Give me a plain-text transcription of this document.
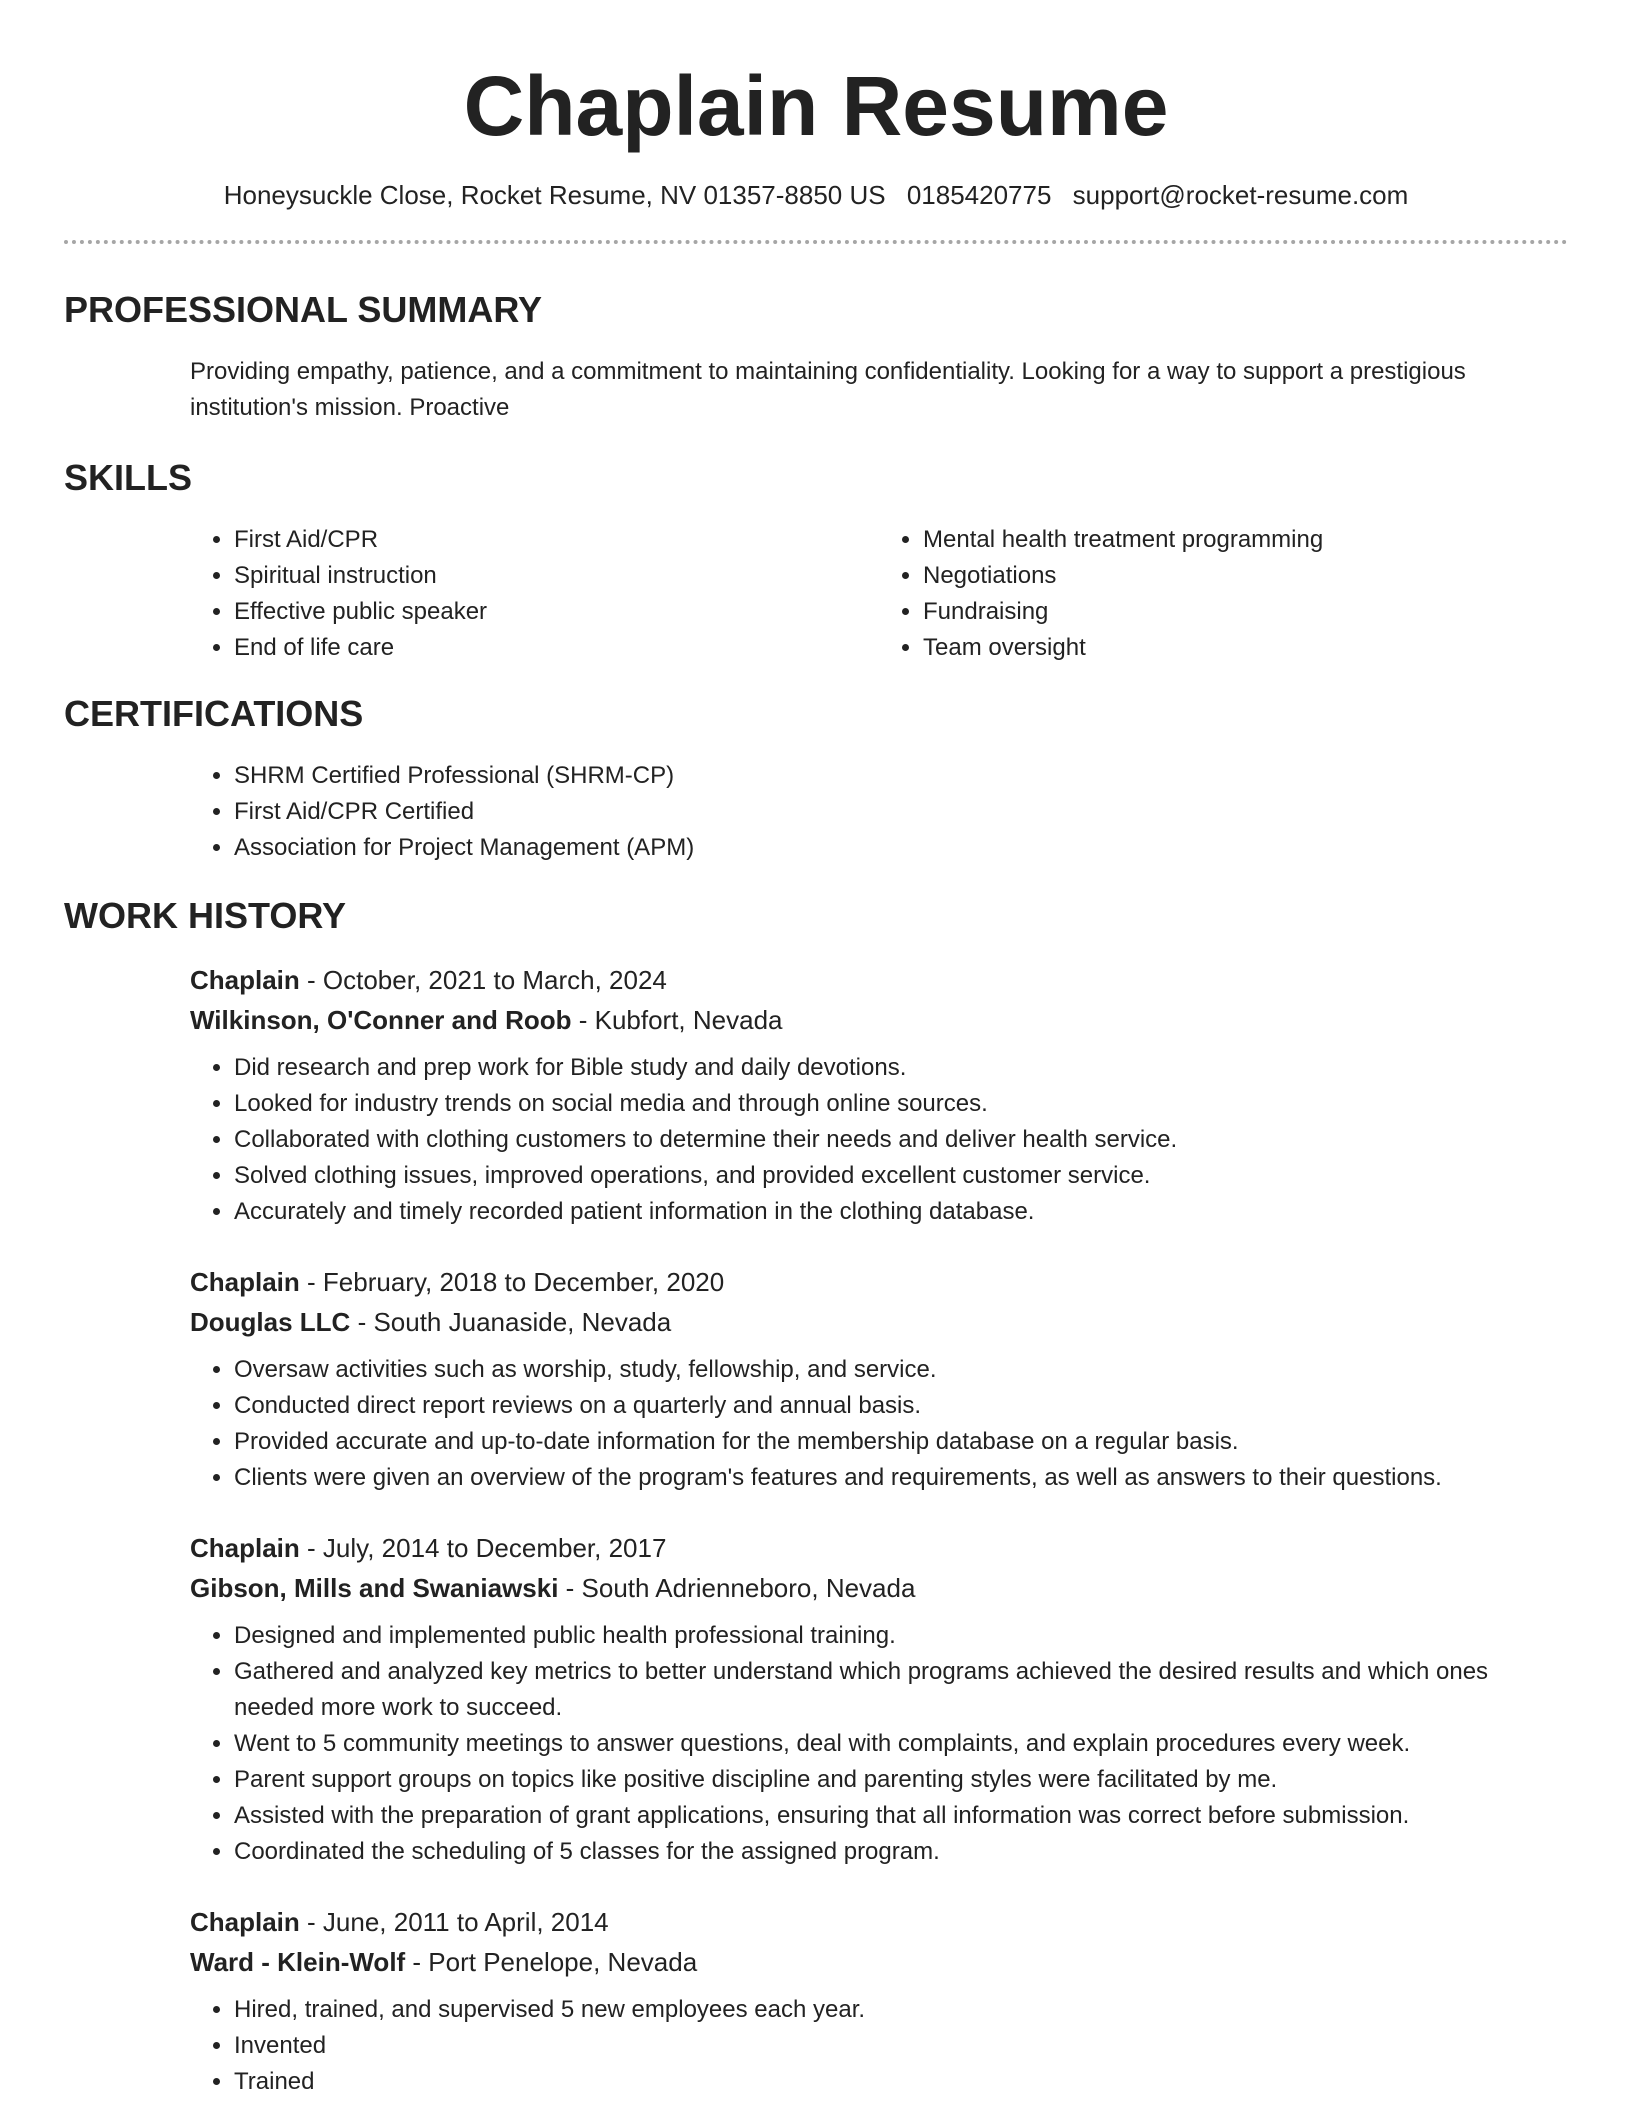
Chaplain Resume
Honeysuckle Close, Rocket Resume, NV 01357-8850 US 0185420775 support@rocket-resume.com
PROFESSIONAL SUMMARY

Providing empathy, patience, and a commitment to maintaining confidentiality. Looking for a way to support a prestigious institution's mission. Proactive

SKILLS
• First Aid/CPR
• Spiritual instruction
• Effective public speaker
• End of life care
• Mental health treatment programming
• Negotiations
• Fundraising
• Team oversight
CERTIFICATIONS
• SHRM Certified Professional (SHRM-CP)
• First Aid/CPR Certified
• Association for Project Management (APM)
WORK HISTORY
Chaplain - October, 2021 to March, 2024
Wilkinson, O'Conner and Roob - Kubfort, Nevada
• Did research and prep work for Bible study and daily devotions.
• Looked for industry trends on social media and through online sources.
• Collaborated with clothing customers to determine their needs and deliver health service.
• Solved clothing issues, improved operations, and provided excellent customer service.
• Accurately and timely recorded patient information in the clothing database.
Chaplain - February, 2018 to December, 2020
Douglas LLC - South Juanaside, Nevada
• Oversaw activities such as worship, study, fellowship, and service.
• Conducted direct report reviews on a quarterly and annual basis.
• Provided accurate and up-to-date information for the membership database on a regular basis.
• Clients were given an overview of the program's features and requirements, as well as answers to their questions.
Chaplain - July, 2014 to December, 2017
Gibson, Mills and Swaniawski - South Adrienneboro, Nevada
• Designed and implemented public health professional training.
• Gathered and analyzed key metrics to better understand which programs achieved the desired results and which ones needed more work to succeed.
• Went to 5 community meetings to answer questions, deal with complaints, and explain procedures every week.
• Parent support groups on topics like positive discipline and parenting styles were facilitated by me.
• Assisted with the preparation of grant applications, ensuring that all information was correct before submission.
• Coordinated the scheduling of 5 classes for the assigned program.
Chaplain - June, 2011 to April, 2014
Ward - Klein-Wolf - Port Penelope, Nevada
• Hired, trained, and supervised 5 new employees each year.
• Invented
• Trained
